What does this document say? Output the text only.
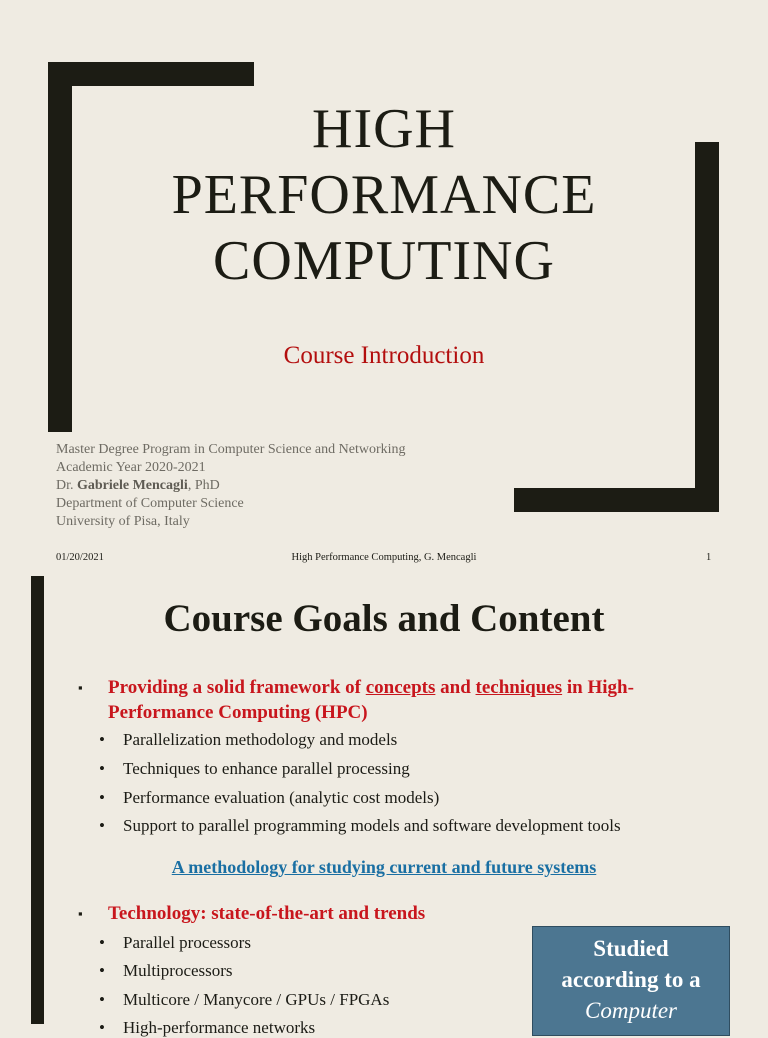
HIGH
PERFORMANCE
COMPUTING
Course Introduction
Master Degree Program in Computer Science and Networking
Academic Year 2020-2021
Dr. Gabriele Mencagli, PhD
Department of Computer Science
University of Pisa, Italy
01/20/2021	High Performance Computing, G. Mencagli	1
Course Goals and Content
▪ Providing a solid framework of concepts and techniques in High-
Performance Computing (HPC)
• Parallelization methodology and models
• Techniques to enhance parallel processing
• Performance evaluation (analytic cost models)
• Support to parallel programming models and software development tools
A methodology for studying current and future systems
▪ Technology: state-of-the-art and trends
• Parallel processors
• Multiprocessors
• Multicore / Manycore / GPUs / FPGAs
• High-performance networks
Studied
according to a
Computer
